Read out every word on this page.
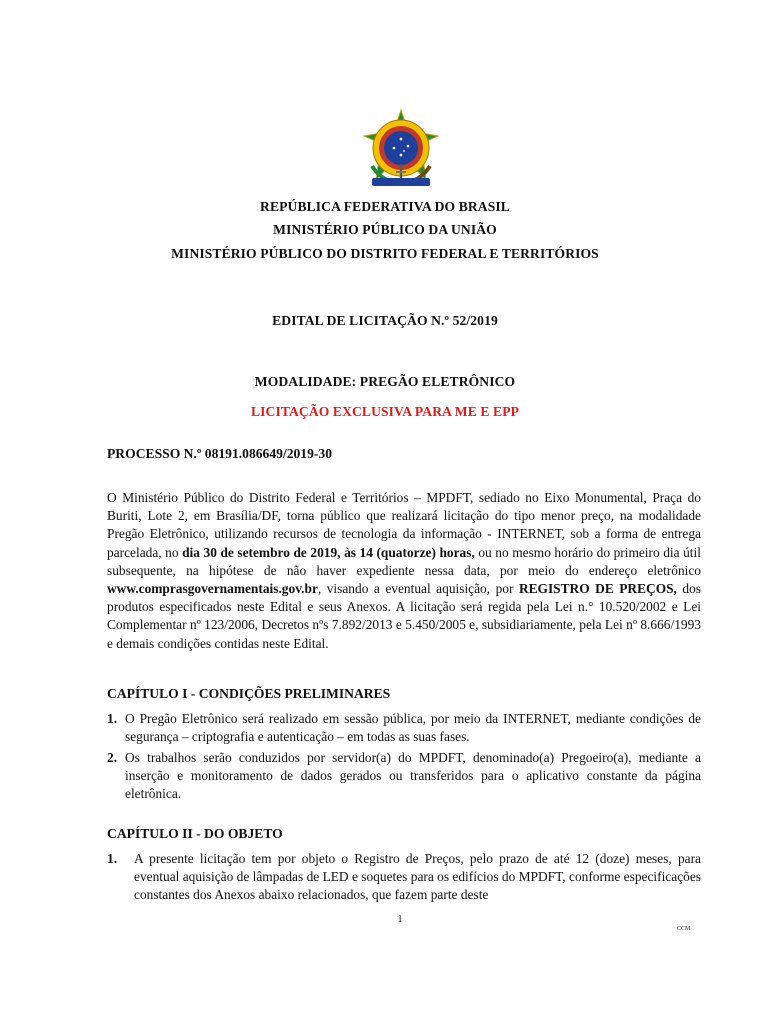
REPÚBLICA FEDERATIVA DO BRASIL
MINISTÉRIO PÚBLICO DA UNIÃO
MINISTÉRIO PÚBLICO DO DISTRITO FEDERAL E TERRITÓRIOS
EDITAL DE LICITAÇÃO N.º 52/2019
MODALIDADE: PREGÃO ELETRÔNICO
LICITAÇÃO EXCLUSIVA PARA ME E EPP
PROCESSO N.º 08191.086649/2019-30
O Ministério Público do Distrito Federal e Territórios – MPDFT, sediado no Eixo Monumental, Praça do Buriti, Lote 2, em Brasília/DF, torna público que realizará licitação do tipo menor preço, na modalidade Pregão Eletrônico, utilizando recursos de tecnologia da informação - INTERNET, sob a forma de entrega parcelada, no dia 30 de setembro de 2019, às 14 (quatorze) horas, ou no mesmo horário do primeiro dia útil subsequente, na hipótese de não haver expediente nessa data, por meio do endereço eletrônico www.comprasgovernamentais.gov.br, visando a eventual aquisição, por REGISTRO DE PREÇOS, dos produtos especificados neste Edital e seus Anexos. A licitação será regida pela Lei n.° 10.520/2002 e Lei Complementar nº 123/2006, Decretos nºs 7.892/2013 e 5.450/2005 e, subsidiariamente, pela Lei nº 8.666/1993 e demais condições contidas neste Edital.
CAPÍTULO I - CONDIÇÕES PRELIMINARES
1. O Pregão Eletrônico será realizado em sessão pública, por meio da INTERNET, mediante condições de segurança – criptografia e autenticação – em todas as suas fases.
2. Os trabalhos serão conduzidos por servidor(a) do MPDFT, denominado(a) Pregoeiro(a), mediante a inserção e monitoramento de dados gerados ou transferidos para o aplicativo constante da página eletrônica.
CAPÍTULO II - DO OBJETO
1. A presente licitação tem por objeto o Registro de Preços, pelo prazo de até 12 (doze) meses, para eventual aquisição de lâmpadas de LED e soquetes para os edifícios do MPDFT, conforme especificações constantes dos Anexos abaixo relacionados, que fazem parte deste
1
CCM
